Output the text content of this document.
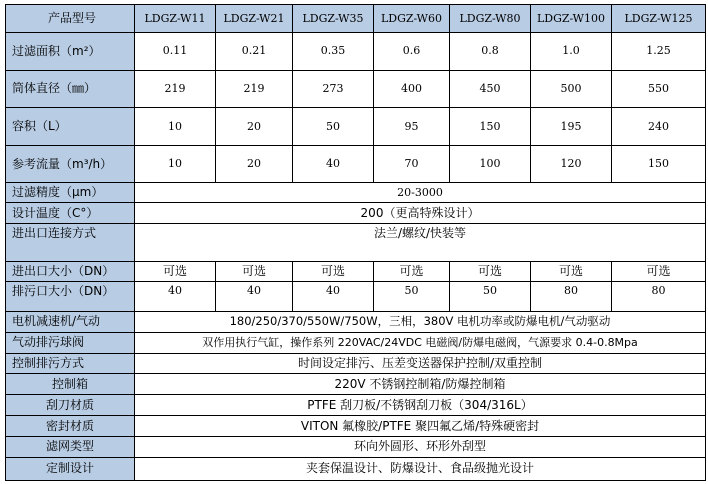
产品型号	LDGZ-W11	LDGZ-W21	LDGZ-W35	LDGZ-W60	LDGZ-W80	LDGZ-W100	LDGZ-W125
过滤面积（m²）	0.11	0.21	0.35	0.6	0.8	1.0	1.25
筒体直径（㎜）	219	219	273	400	450	500	550
容积（L）	10	20	50	95	150	195	240
参考流量（m³/h）	10	20	40	70	100	120	150
过滤精度（μm）	20-3000						
设计温度（C°）	200（更高特殊设计）						
进出口连接方式	法兰/螺纹/快装等						
进出口大小（DN）	可选	可选	可选	可选	可选	可选	可选
排污口大小（DN）	40	40	40	50	50	80	80
电机减速机/气动	180/250/370/550W/750W，三相，380V 电机功率或防爆电机/气动驱动						
气动排污球阀	双作用执行气缸，操作系列 220VAC/24VDC 电磁阀/防爆电磁阀，气源要求 0.4-0.8Mpa						
控制排污方式	时间设定排污、压差变送器保护控制/双重控制						
控制箱	220V 不锈钢控制箱/防爆控制箱						
刮刀材质	PTFE 刮刀板/不锈钢刮刀板（304/316L）						
密封材质	VITON 氟橡胶/PTFE 聚四氟乙烯/特殊硬密封						
滤网类型	环向外圆形、环形外刮型						
定制设计	夹套保温设计、防爆设计、食品级抛光设计						
